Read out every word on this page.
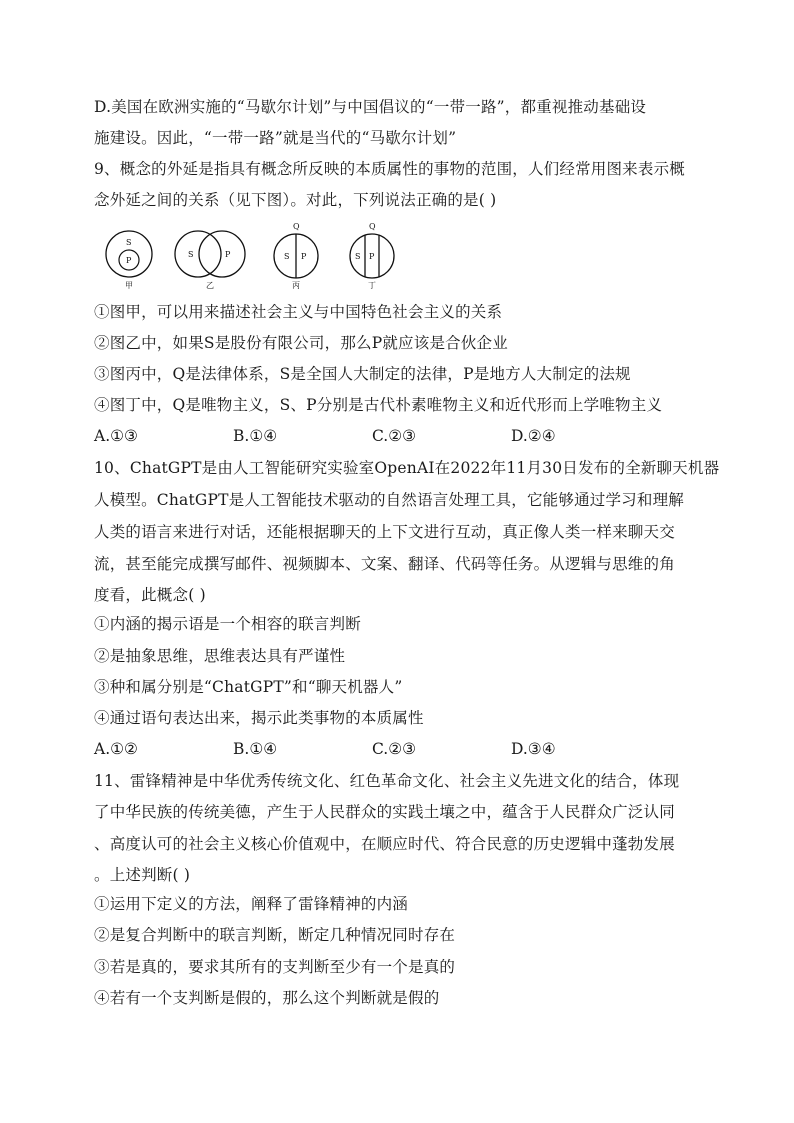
D.美国在欧洲实施的“马歇尔计划”与中国倡议的“一带一路”，都重视推动基础设
施建设。因此，“一带一路”就是当代的“马歇尔计划”
9、概念的外延是指具有概念所反映的本质属性的事物的范围，人们经常用图来表示概
念外延之间的关系（见下图）。对此，下列说法正确的是( )
S
P
甲
S	P
乙
Q
S P
丙
Q
S P
丁
①图甲，可以用来描述社会主义与中国特色社会主义的关系
②图乙中，如果S是股份有限公司，那么P就应该是合伙企业
③图丙中，Q是法律体系，S是全国人大制定的法律，P是地方人大制定的法规
④图丁中，Q是唯物主义，S、P分别是古代朴素唯物主义和近代形而上学唯物主义
A.①③	B.①④	C.②③	D.②④
10、ChatGPT是由人工智能研究实验室OpenAI在2022年11月30日发布的全新聊天机器
人模型。ChatGPT是人工智能技术驱动的自然语言处理工具，它能够通过学习和理解
人类的语言来进行对话，还能根据聊天的上下文进行互动，真正像人类一样来聊天交
流，甚至能完成撰写邮件、视频脚本、文案、翻译、代码等任务。从逻辑与思维的角
度看，此概念( )
①内涵的揭示语是一个相容的联言判断
②是抽象思维，思维表达具有严谨性
③种和属分别是“ChatGPT”和“聊天机器人”
④通过语句表达出来，揭示此类事物的本质属性
A.①②	B.①④	C.②③	D.③④
11、雷锋精神是中华优秀传统文化、红色革命文化、社会主义先进文化的结合，体现
了中华民族的传统美德，产生于人民群众的实践土壤之中，蕴含于人民群众广泛认同
、高度认可的社会主义核心价值观中，在顺应时代、符合民意的历史逻辑中蓬勃发展
。上述判断( )
①运用下定义的方法，阐释了雷锋精神的内涵
②是复合判断中的联言判断，断定几种情况同时存在
③若是真的，要求其所有的支判断至少有一个是真的
④若有一个支判断是假的，那么这个判断就是假的
